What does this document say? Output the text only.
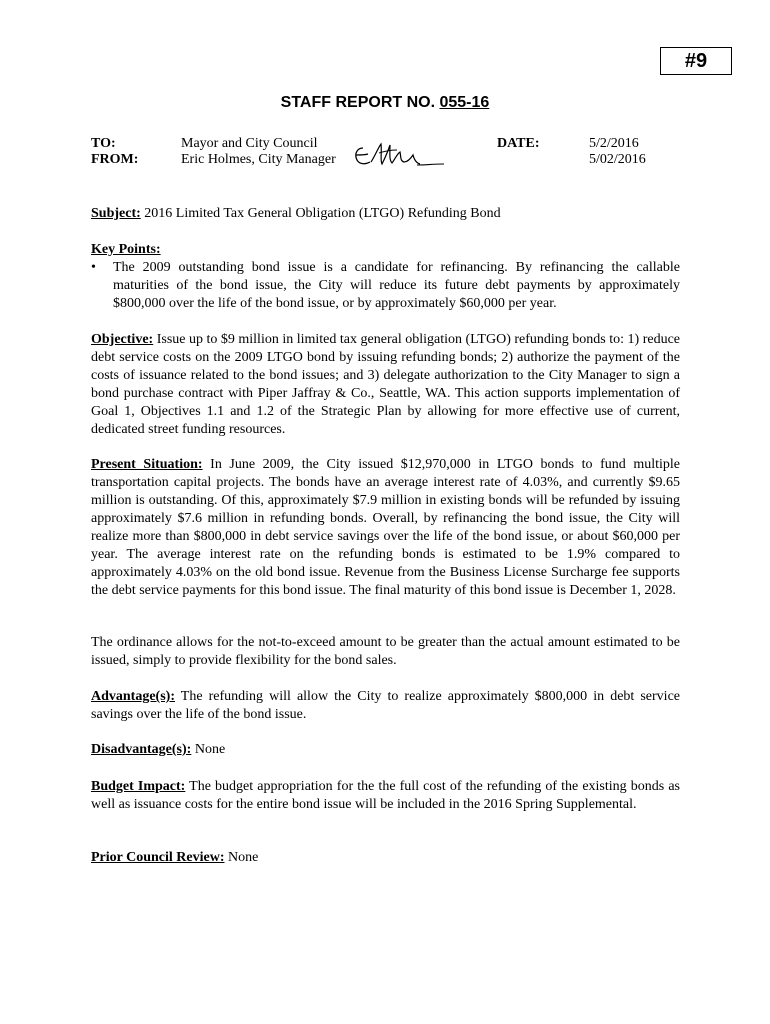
#9
STAFF REPORT NO. 055-16
TO:	Mayor and City Council
FROM:	Eric Holmes, City Manager
DATE:	5/2/2016
5/02/2016
Subject: 2016 Limited Tax General Obligation (LTGO) Refunding Bond
Key Points:
•	The 2009 outstanding bond issue is a candidate for refinancing. By refinancing the callable maturities of the bond issue, the City will reduce its future debt payments by approximately $800,000 over the life of the bond issue, or by approximately $60,000 per year.
Objective: Issue up to $9 million in limited tax general obligation (LTGO) refunding bonds to: 1) reduce debt service costs on the 2009 LTGO bond by issuing refunding bonds; 2) authorize the payment of the costs of issuance related to the bond issues; and 3) delegate authorization to the City Manager to sign a bond purchase contract with Piper Jaffray & Co., Seattle, WA. This action supports implementation of Goal 1, Objectives 1.1 and 1.2 of the Strategic Plan by allowing for more effective use of current, dedicated street funding resources.
Present Situation: In June 2009, the City issued $12,970,000 in LTGO bonds to fund multiple transportation capital projects. The bonds have an average interest rate of 4.03%, and currently $9.65 million is outstanding. Of this, approximately $7.9 million in existing bonds will be refunded by issuing approximately $7.6 million in refunding bonds. Overall, by refinancing the bond issue, the City will realize more than $800,000 in debt service savings over the life of the bond issue, or about $60,000 per year. The average interest rate on the refunding bonds is estimated to be 1.9% compared to approximately 4.03% on the old bond issue. Revenue from the Business License Surcharge fee supports the debt service payments for this bond issue. The final maturity of this bond issue is December 1, 2028.
The ordinance allows for the not-to-exceed amount to be greater than the actual amount estimated to be issued, simply to provide flexibility for the bond sales.
Advantage(s): The refunding will allow the City to realize approximately $800,000 in debt service savings over the life of the bond issue.
Disadvantage(s): None
Budget Impact: The budget appropriation for the the full cost of the refunding of the existing bonds as well as issuance costs for the entire bond issue will be included in the 2016 Spring Supplemental.
Prior Council Review: None
